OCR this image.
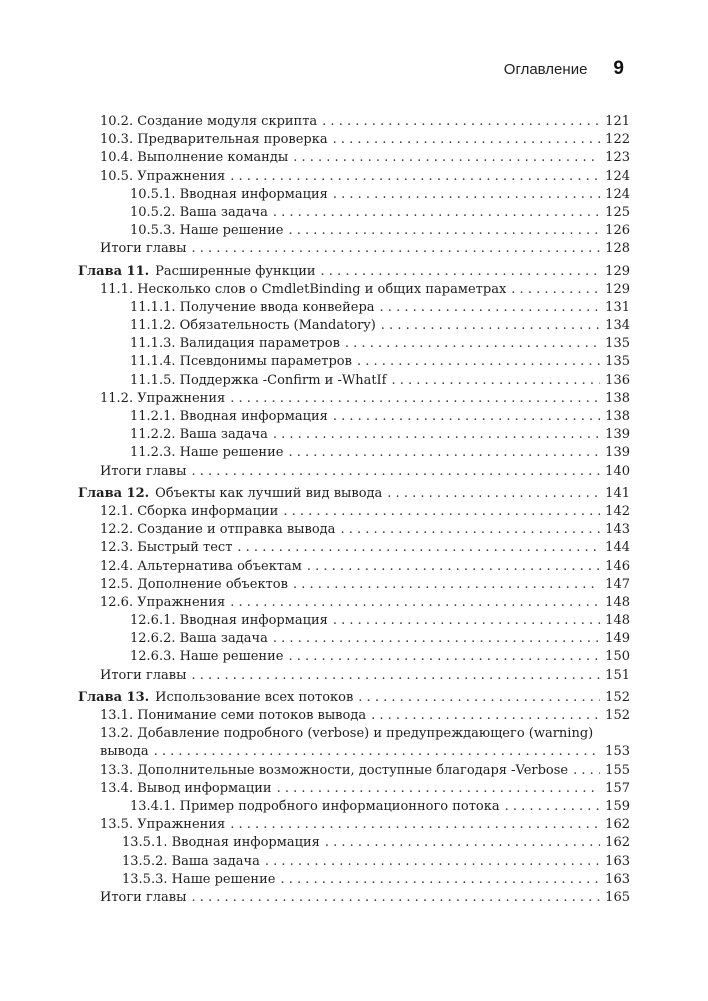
Оглавление 9
10.2. Создание модуля скрипта . . .	121
10.3. Предварительная проверка . . .	122
10.4. Выполнение команды . . .	123
10.5. Упражнения . . .	124
10.5.1. Вводная информация . . .	124
10.5.2. Ваша задача . . .	125
10.5.3. Наше решение . . .	126
Итоги главы . . .	128
Глава 11. Расширенные функции . . .	129
11.1. Несколько слов о CmdletBinding и общих параметрах . . .	129
11.1.1. Получение ввода конвейера . . .	131
11.1.2. Обязательность (Mandatory) . . .	134
11.1.3. Валидация параметров . . .	135
11.1.4. Псевдонимы параметров . . .	135
11.1.5. Поддержка -Confirm и -WhatIf . . .	136
11.2. Упражнения . . .	138
11.2.1. Вводная информация . . .	138
11.2.2. Ваша задача . . .	139
11.2.3. Наше решение . . .	139
Итоги главы . . .	140
Глава 12. Объекты как лучший вид вывода . . .	141
12.1. Сборка информации . . .	142
12.2. Создание и отправка вывода . . .	143
12.3. Быстрый тест . . .	144
12.4. Альтернатива объектам . . .	146
12.5. Дополнение объектов . . .	147
12.6. Упражнения . . .	148
12.6.1. Вводная информация . . .	148
12.6.2. Ваша задача . . .	149
12.6.3. Наше решение . . .	150
Итоги главы . . .	151
Глава 13. Использование всех потоков . . .	152
13.1. Понимание семи потоков вывода . . .	152
13.2. Добавление подробного (verbose) и предупреждающего (warning)
вывода . . .	153
13.3. Дополнительные возможности, доступные благодаря -Verbose . . .	155
13.4. Вывод информации . . .	157
13.4.1. Пример подробного информационного потока . . .	159
13.5. Упражнения . . .	162
13.5.1. Вводная информация . . .	162
13.5.2. Ваша задача . . .	163
13.5.3. Наше решение . . .	163
Итоги главы . . .	165
